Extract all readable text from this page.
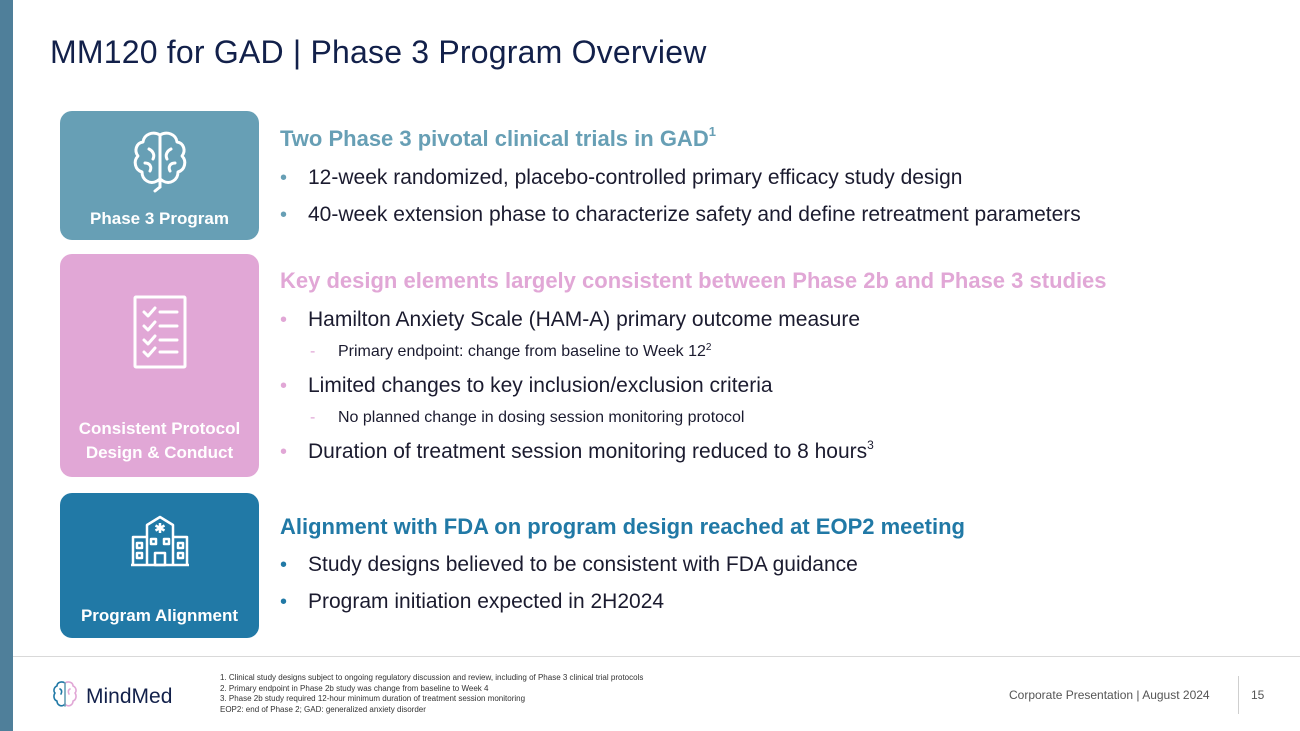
MM120 for GAD | Phase 3 Program Overview
Phase 3 Program
Consistent Protocol
Design & Conduct
Program Alignment
Two Phase 3 pivotal clinical trials in GAD$^1$
• 12-week randomized, placebo-controlled primary efficacy study design
• 40-week extension phase to characterize safety and define retreatment parameters
Key design elements largely consistent between Phase 2b and Phase 3 studies
• Hamilton Anxiety Scale (HAM-A) primary outcome measure
- Primary endpoint: change from baseline to Week $12^2$
• Limited changes to key inclusion/exclusion criteria
- No planned change in dosing session monitoring protocol
• Duration of treatment session monitoring reduced to 8 hours$^3$
Alignment with FDA on program design reached at EOP2 meeting
• Study designs believed to be consistent with FDA guidance
• Program initiation expected in 2H2024
MindMed
1. Clinical study designs subject to ongoing regulatory discussion and review, including of Phase 3 clinical trial protocols
2. Primary endpoint in Phase 2b study was change from baseline to Week 4
3. Phase 2b study required 12-hour minimum duration of treatment session monitoring
EOP2: end of Phase 2; GAD: generalized anxiety disorder
Corporate Presentation | August 2024	15
